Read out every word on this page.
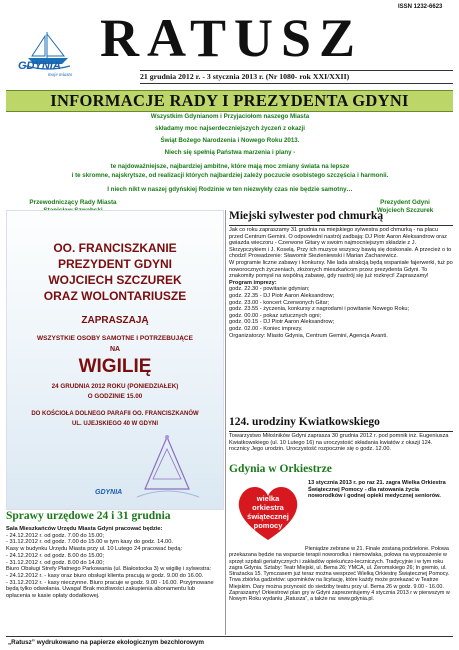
ISSN 1232-6623
GDYNIA
moje miasto
RATUSZ
21 grudnia 2012 r. - 3 stycznia 2013 r. (Nr 1080- rok XXI/XXII)
INFORMACJE RADY I PREZYDENTA GDYNI
Wszystkim Gdynianom i Przyjaciołom naszego Miasta
składamy moc najserdeczniejszych życzeń z okazji
Świąt Bożego Narodzenia i Nowego Roku 2013.
Niech się spełnią Państwa marzenia i plany -
te najdoważniejsze, najbardziej ambitne, które mają moc zmiany świata na lepsze
i te skromne, najskrytsze, od realizacji których najbardziej zależy poczucie osobistego szczęścia i harmonii.
I niech nikt w naszej gdyńskiej Rodzinie w ten niezwykły czas nie będzie samotny…
Przewodniczący Rady Miasta	Prezydent Gdyni
Wojciech Szczurek
OO. FRANCISZKANIE
PREZYDENT GDYNI
WOJCIECH SZCZUREK
ORAZ WOLONTARIUSZE
ZAPRASZAJĄ
WSZYSTKIE OSOBY SAMOTNE I POTRZEBUJĄCE
NA
WIGILIĘ
24 GRUDNIA 2012 ROKU (PONIEDZIAŁEK)
O GODZINIE 15.00
DO KOŚCIOŁA DOLNEGO PARAFII OO. FRANCISZKANÓW
UL. UJEJSKIEGO 40 W GDYNI
GDYNIA
Sprawy urzędowe 24 i 31 grudnia

Sala Mieszkańców Urzędu Miasta Gdyni pracować będzie:

- 24.12.2012 r. od godz. 7.00 do 15.00;

- 31.12.2012 r. od godz. 7.00 do 15.00 w tym kasy do godz. 14.00.

Kasy w budynku Urzędu Miasta przy ul. 10 Lutego 24 pracować będą:

- 24.12.2012 r. od godz. 8.00 do 15.00;

- 31.12.2012 r. od godz. 8.00 do 14.00;

Biuro Obsługi Strefy Płatnego Parkowania (ul. Białostocka 3) w wigilię i sylwestra:

- 24.12.2012 r. - kasy oraz biuro obsługi klienta pracują w godz. 9.00 do 16.00.

- 31.12.2012 r. - kasy nieczynne. Biuro pracuje w godz. 9.00 - 16.00. Przyjmowane będą tylko odwołania. Uwaga! Brak możliwości zakupienia abonamentu lub opłacenia w kasie opłaty dodatkowej.

Miejski sylwester pod chmurką

Jak co roku zapraszamy 31 grudnia na miejskiego sylwestra pod chmurką - na placu przed Centrum Gemini. O odpowiedni nastrój zadbają: DJ Piotr Aaron Aleksandrow oraz gwiazda wieczoru - Czerwone Gitary w swoim najmocniejszym składzie z J. Skrzypczykiem i J. Koselą. Przy ich muzyce wszyscy bawią się doskonale. A przecież o to chodzi! Prowadzenie: Sławomir Siezieniewski i Marian Zacharewicz.

W programie liczne zabawy i konkursy. Nie lada atrakcją będą wspaniałe fajerwerki, tuż po noworocznych życzeniach, złożonych mieszkańcom przez prezydenta Gdyni. To znakomity pomysł na wspólną zabawę, gdy nastrój się już rozkręci! Zapraszamy!

Program imprezy:

godz. 22.30 - powitanie gdynian;

godz. 22.35 - DJ Piotr Aaron Aleksandrow;

godz. 23.00 - koncert Czerwonych Gitar;

godz. 23.55 - życzenia, konkursy z nagrodami i powitanie Nowego Roku;

godz. 00.00 - pokaz sztucznych ogni;

godz. 00.15 - DJ Piotr Aaron Aleksandrow;

godz. 02.00 - Koniec imprezy.

Organizatorzy: Miasto Gdynia, Centrum Gemini, Agencja Avanti.

124. urodziny Kwiatkowskiego
Towarzystwo Miłośników Gdyni zaprasza 30 grudnia 2012 r. pod pomnik inż. Eugeniusza Kwiatkowskiego (ul. 10 Lutego 16) na uroczystość składania kwiatów z okazji 124. rocznicy Jego urodzin. Uroczystość rozpocznie się o godz. 12.00.
Gdynia w Orkiestrze
wielka orkiestra świątecznej pomocy
13 stycznia 2013 r. po raz 21. zagra Wielka Orkiestra Świątecznej Pomocy - dla ratowania życia noworodków i godnej opieki medycznej seniorów.
Pieniądze zebrane w 21. Finale zostaną podzielone. Połowa przekazana będzie na wsparcie terapii noworodka i niemowlaka, połowa na wyposażenie w sprzęt szpitali geriatrycznych i zakładów opiekuńczo-leczniczych. Tradycyjnie i w tym roku zagra Gdynia. Sztaby: Teatr Miejski, ul. Bema 26; YMCA, ul. Żeromskiego 26; In gremio, ul. Strażacka 15. Tymczasem już teraz można wesprzeć Wielką Orkiestrę Świątecznej Pomocy. Trwa zbiórka gadżetów: upominków na licytację, które każdy może przekazać w Teatrze Miejskim. Dary można przynosić do siedziby teatru przy ul. Bema 26 w godz. 9.00 - 16.00. Zapraszamy! Orkiestrowi plan gry w Gdyni zaprezentujemy 4 stycznia 2013 r w pierwszym w Nowym Roku wydaniu „Ratusza”, a także na: www.gdynia.pl.
„Ratusz” wydrukowano na papierze ekologicznym bezchlorowym
